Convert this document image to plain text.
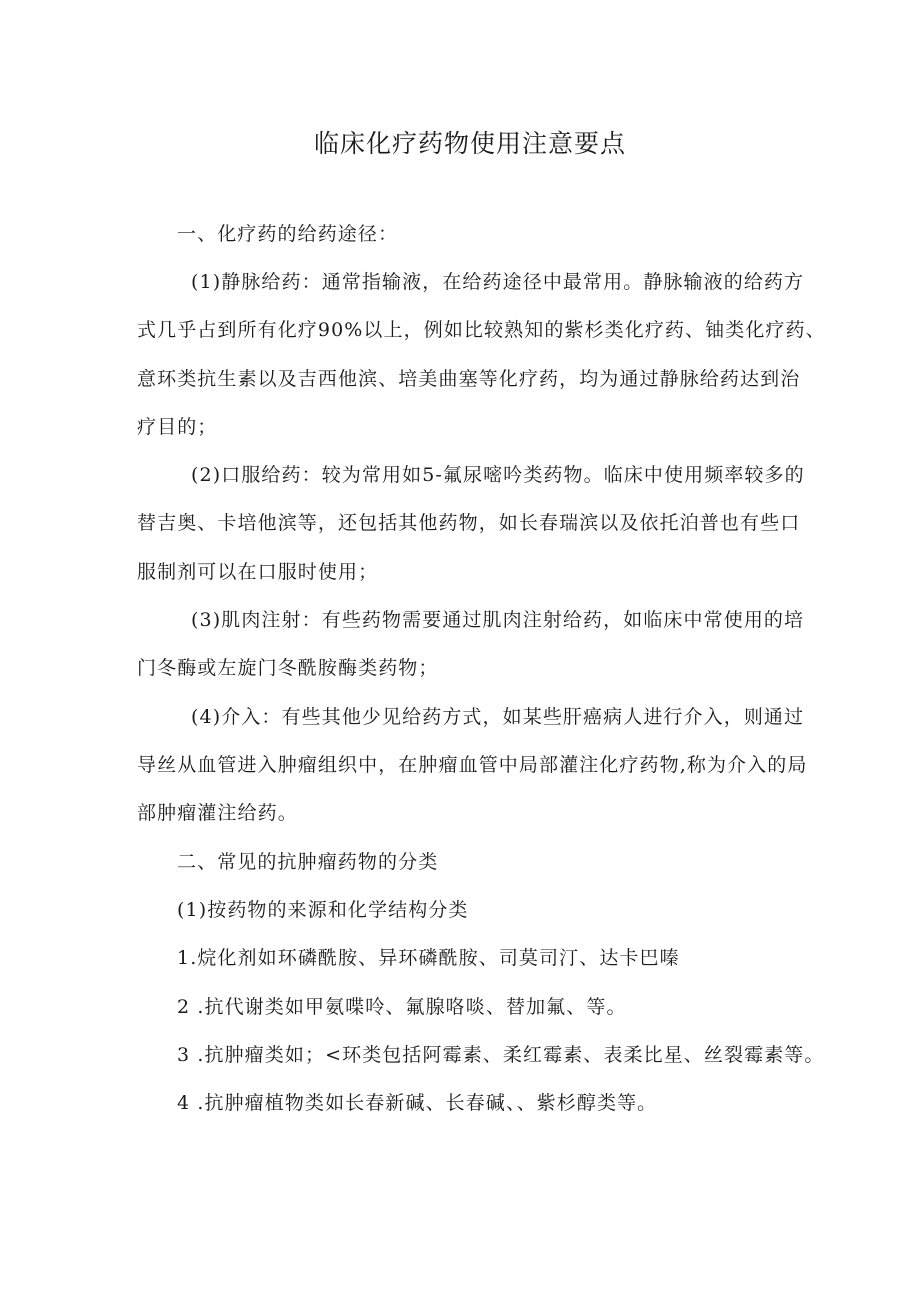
临床化疗药物使用注意要点
一、化疗药的给药途径：
(1)静脉给药：通常指输液，在给药途径中最常用。静脉输液的给药方
式几乎占到所有化疗90%以上，例如比较熟知的紫杉类化疗药、铀类化疗药、
意环类抗生素以及吉西他滨、培美曲塞等化疗药，均为通过静脉给药达到治
疗目的；
(2)口服给药：较为常用如5-氟尿嘧吟类药物。临床中使用频率较多的
替吉奥、卡培他滨等，还包括其他药物，如长春瑞滨以及依托泊普也有些口
服制剂可以在口服时使用；
(3)肌肉注射：有些药物需要通过肌肉注射给药，如临床中常使用的培
门冬酶或左旋门冬酰胺酶类药物；
(4)介入：有些其他少见给药方式，如某些肝癌病人进行介入，则通过
导丝从血管进入肿瘤组织中，在肿瘤血管中局部灌注化疗药物,称为介入的局
部肿瘤灌注给药。
二、常见的抗肿瘤药物的分类
(1)按药物的来源和化学结构分类
1.烷化剂如环磷酰胺、异环磷酰胺、司莫司汀、达卡巴嗪
2 .抗代谢类如甲氨喋呤、氟腺咯啖、替加氟、等。
3 .抗肿瘤类如；<环类包括阿霉素、柔红霉素、表柔比星、丝裂霉素等。
4 .抗肿瘤植物类如长春新碱、长春碱、、紫杉醇类等。
